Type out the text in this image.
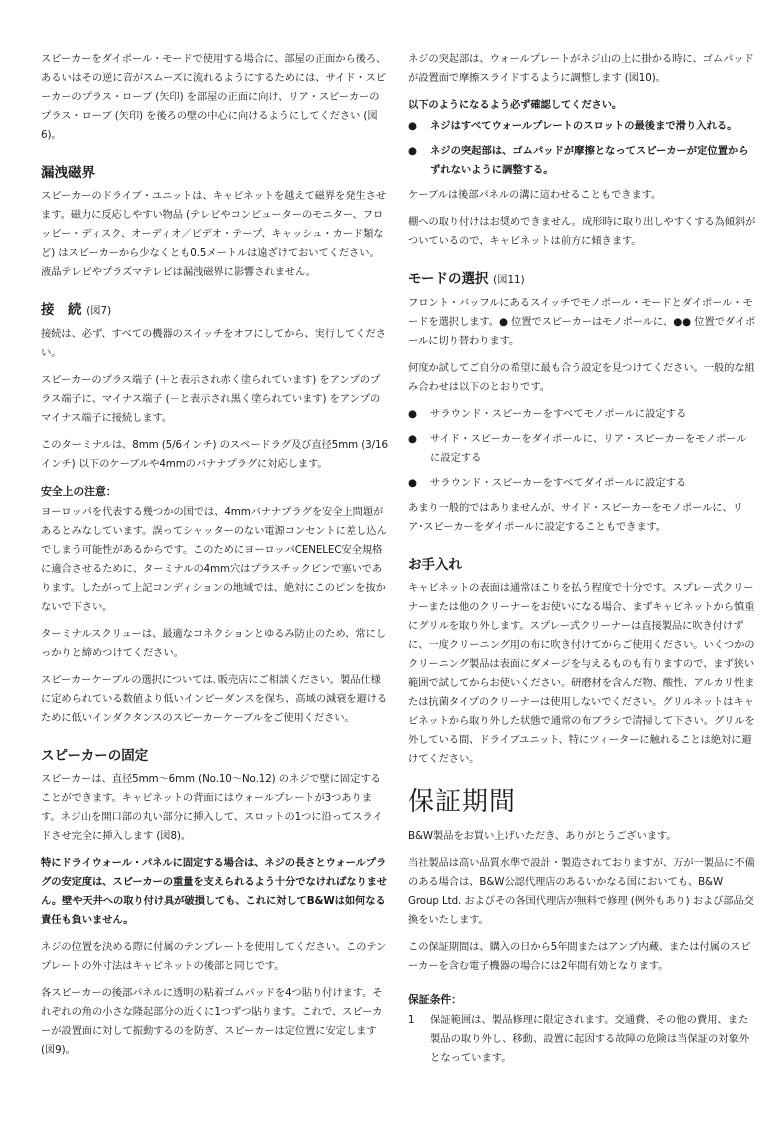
スピーカーをダイポール・モードで使用する場合に、部屋の正面から後ろ、あるいはその逆に音がスムーズに流れるようにするためには、サイド・スピーカーのプラス・ローブ (矢印) を部屋の正面に向け、リア・スピーカーのプラス・ローブ (矢印) を後ろの壁の中心に向けるようにしてください (図6)。

漏洩磁界

スピーカーのドライブ・ユニットは、キャビネットを越えて磁界を発生させます。磁力に反応しやすい物品 (テレビやコンピューターのモニター、フロッピー・ディスク、オーディオ／ビデオ・テープ、キャッシュ・カード類など) はスピーカーから少なくとも0.5メートルは遠ざけておいてください。液晶テレビやプラズマテレビは漏洩磁界に影響されません。

接　続 (図7)

接続は、必ず、すべての機器のスイッチをオフにしてから、実行してください。

スピーカーのプラス端子 (＋と表示され赤く塗られています) をアンプのプラス端子に、マイナス端子 (－と表示され黒く塗られています) をアンプのマイナス端子に接続します。

このターミナルは、8mm (5/6インチ) のスペードラグ及び直径5mm (3/16インチ) 以下のケーブルや4mmのバナナプラグに対応します。

安全上の注意：

ヨーロッパを代表する幾つかの国では、4mmバナナプラグを安全上問題があるとみなしています。誤ってシャッターのない電源コンセントに差し込んでしまう可能性があるからです。このためにヨーロッパCENELEC安全規格に適合させるために、ターミナルの4mm穴はプラスチックピンで塞いであります。したがって上記コンディションの地域では、絶対にこのピンを抜かないで下さい。

ターミナルスクリューは、最適なコネクションとゆるみ防止のため、常にしっかりと締めつけてください。

スピーカーケーブルの選択については､販売店にご相談ください。製品仕様に定められている数値より低いインピーダンスを保ち、高域の減衰を避けるために低いインダクタンスのスピーカーケーブルをご使用ください。

スピーカーの固定

スピーカーは、直径5mm～6mm (No.10～No.12) のネジで壁に固定することができます。キャビネットの背面にはウォールプレートが3つあります。ネジ山を開口部の丸い部分に挿入して、スロットの1つに沿ってスライドさせ完全に挿入します (図8)。

特にドライウォール・パネルに固定する場合は、ネジの長さとウォールプラグの安定度は、スピーカーの重量を支えられるよう十分でなければなりません。壁や天井への取り付け具が破損しても、これに対してB&Wは如何なる責任も負いません。

ネジの位置を決める際に付属のテンプレートを使用してください。このテンプレートの外寸法はキャビネットの後部と同じです。

各スピーカーの後部パネルに透明の粘着ゴムパッドを4つ貼り付けます。それぞれの角の小さな隆起部分の近くに1つずつ貼ります。これで、スピーカーが設置面に対して振動するのを防ぎ、スピーカーは定位置に安定します (図9)。

ネジの突起部は、ウォールプレートがネジ山の上に掛かる時に、ゴムパッドが設置面で摩擦スライドするように調整します (図10)。

以下のようになるよう必ず確認してください。

● ネジはすべてウォールプレートのスロットの最後まで滑り入れる。
● ネジの突起部は、ゴムパッドが摩擦となってスピーカーが定位置からずれないように調整する。

ケーブルは後部パネルの溝に這わせることもできます。

棚への取り付けはお奨めできません。成形時に取り出しやすくする為傾斜がついているので、キャビネットは前方に傾きます。

モードの選択 (図11)

フロント・バッフルにあるスイッチでモノポール・モードとダイポール・モードを選択します。● 位置でスピーカーはモノポールに、●● 位置でダイポールに切り替わります。

何度か試してご自分の希望に最も合う設定を見つけてください。一般的な組み合わせは以下のとおりです。

● サラウンド・スピーカーをすべてモノポールに設定する
● サイド・スピーカーをダイポールに、リア・スピーカーをモノポールに設定する
● サラウンド・スピーカーをすべてダイポールに設定する

あまり一般的ではありませんが、サイド・スピーカーをモノポールに、リア･スピーカーをダイポールに設定することもできます。

お手入れ

キャビネットの表面は通常ほこりを払う程度で十分です。スプレー式クリーナーまたは他のクリーナーをお使いになる場合、まずキャビネットから慎重にグリルを取り外します。スプレー式クリーナーは直接製品に吹き付けずに、一度クリーニング用の布に吹き付けてからご使用ください。いくつかのクリーニング製品は表面にダメージを与えるものも有りますので、まず狭い範囲で試してからお使いください。研磨材を含んだ物、酸性、アルカリ性または抗菌タイプのクリーナーは使用しないでください。グリルネットはキャビネットから取り外した状態で通常の布ブラシで清掃して下さい。グリルを外している間、ドライブユニット、特にツィーターに触れることは絶対に避けてください。

保証期間

B&W製品をお買い上げいただき、ありがとうございます。

当社製品は高い品質水準で設計・製造されておりますが、万が一製品に不備のある場合は、B&W公認代理店のあるいかなる国においても、B&W Group Ltd. およびその各国代理店が無料で修理 (例外もあり) および部品交換をいたします。

この保証期間は、購入の日から5年間またはアンプ内蔵、または付属のスピーカーを含む電子機器の場合には2年間有効となります。

保証条件：
1 保証範囲は、製品修理に限定されます。交通費、その他の費用、また製品の取り外し、移動、設置に起因する故障の危険は当保証の対象外となっています。
